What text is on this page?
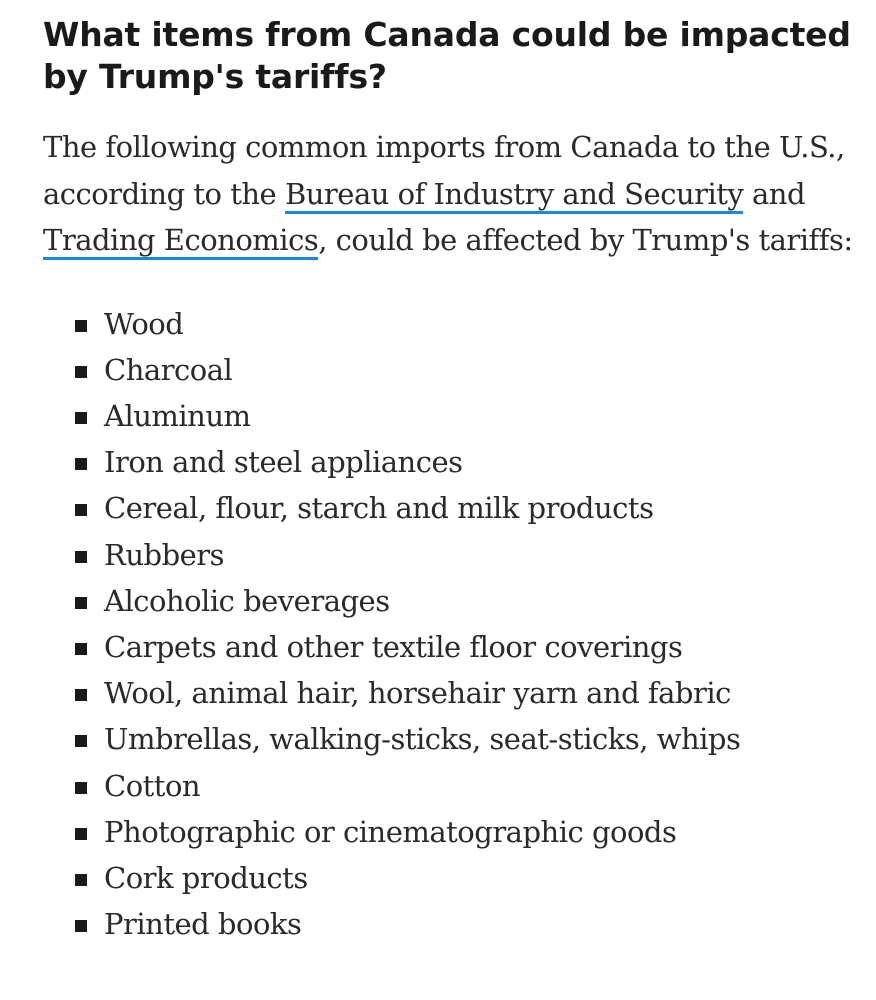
What items from Canada could be impacted by Trump's tariffs?

The following common imports from Canada to the U.S., according to the Bureau of Industry and Security and Trading Economics, could be affected by Trump's tariffs:

Wood
Charcoal
Aluminum
Iron and steel appliances
Cereal, flour, starch and milk products
Rubbers
Alcoholic beverages
Carpets and other textile floor coverings
Wool, animal hair, horsehair yarn and fabric
Umbrellas, walking-sticks, seat-sticks, whips
Cotton
Photographic or cinematographic goods
Cork products
Printed books
